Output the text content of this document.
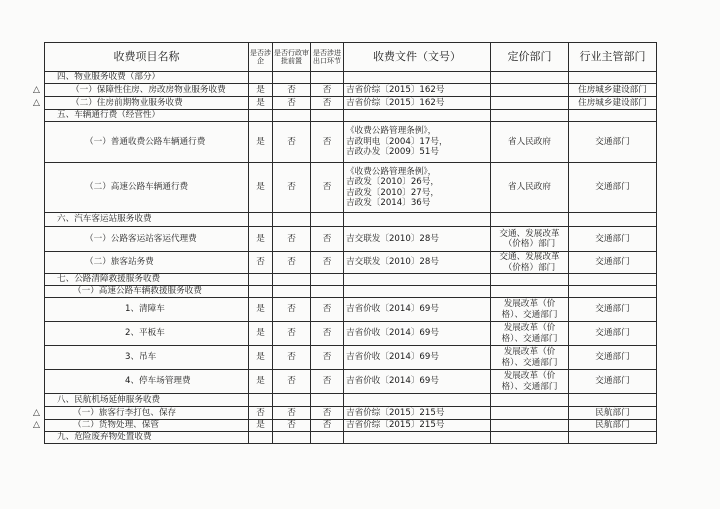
收费项目名称	是否涉企	是否行政审批前置	是否涉进出口环节	收费文件（文号）	定价部门	行业主管部门
四、物业服务收费（部分）						
（一）保障性住房、房改房物业服务收费	是	否	否	吉省价综〔2015〕162号		住房城乡建设部门
（二）住房前期物业服务收费	是	否	否	吉省价综〔2015〕162号		住房城乡建设部门
五、车辆通行费（经营性）						
（一）普通收费公路车辆通行费	是	否	否	《收费公路管理条例》，
吉政明电〔2004〕17号，
吉政办发〔2009〕51号	省人民政府	交通部门
（二）高速公路车辆通行费	是	否	否	《收费公路管理条例》，
吉政发〔2010〕26号，
吉政发〔2010〕27号，
吉政发〔2014〕36号	省人民政府	交通部门
六、汽车客运站服务收费						
（一）公路客运站客运代理费	是	否	否	吉交联发〔2010〕28号	交通、发展改革
（价格）部门	交通部门
（二）旅客站务费	否	否	否	吉交联发〔2010〕28号	交通、发展改革
（价格）部门	交通部门
七、公路清障救援服务收费						
（一）高速公路车辆救援服务收费						
1、清障车	是	否	否	吉省价收〔2014〕69号	发展改革（价
格）、交通部门	交通部门
2、平板车	是	否	否	吉省价收〔2014〕69号	发展改革（价
格）、交通部门	交通部门
3、吊车	是	否	否	吉省价收〔2014〕69号	发展改革（价
格）、交通部门	交通部门
4、停车场管理费	是	否	否	吉省价收〔2014〕69号	发展改革（价
格）、交通部门	交通部门
八、民航机场延伸服务收费						
（一）旅客行李打包、保存	否	否	否	吉省价综〔2015〕215号		民航部门
（二）货物处理、保管	是	否	否	吉省价综〔2015〕215号		民航部门
九、危险废弃物处置收费						
△
△
△
△
